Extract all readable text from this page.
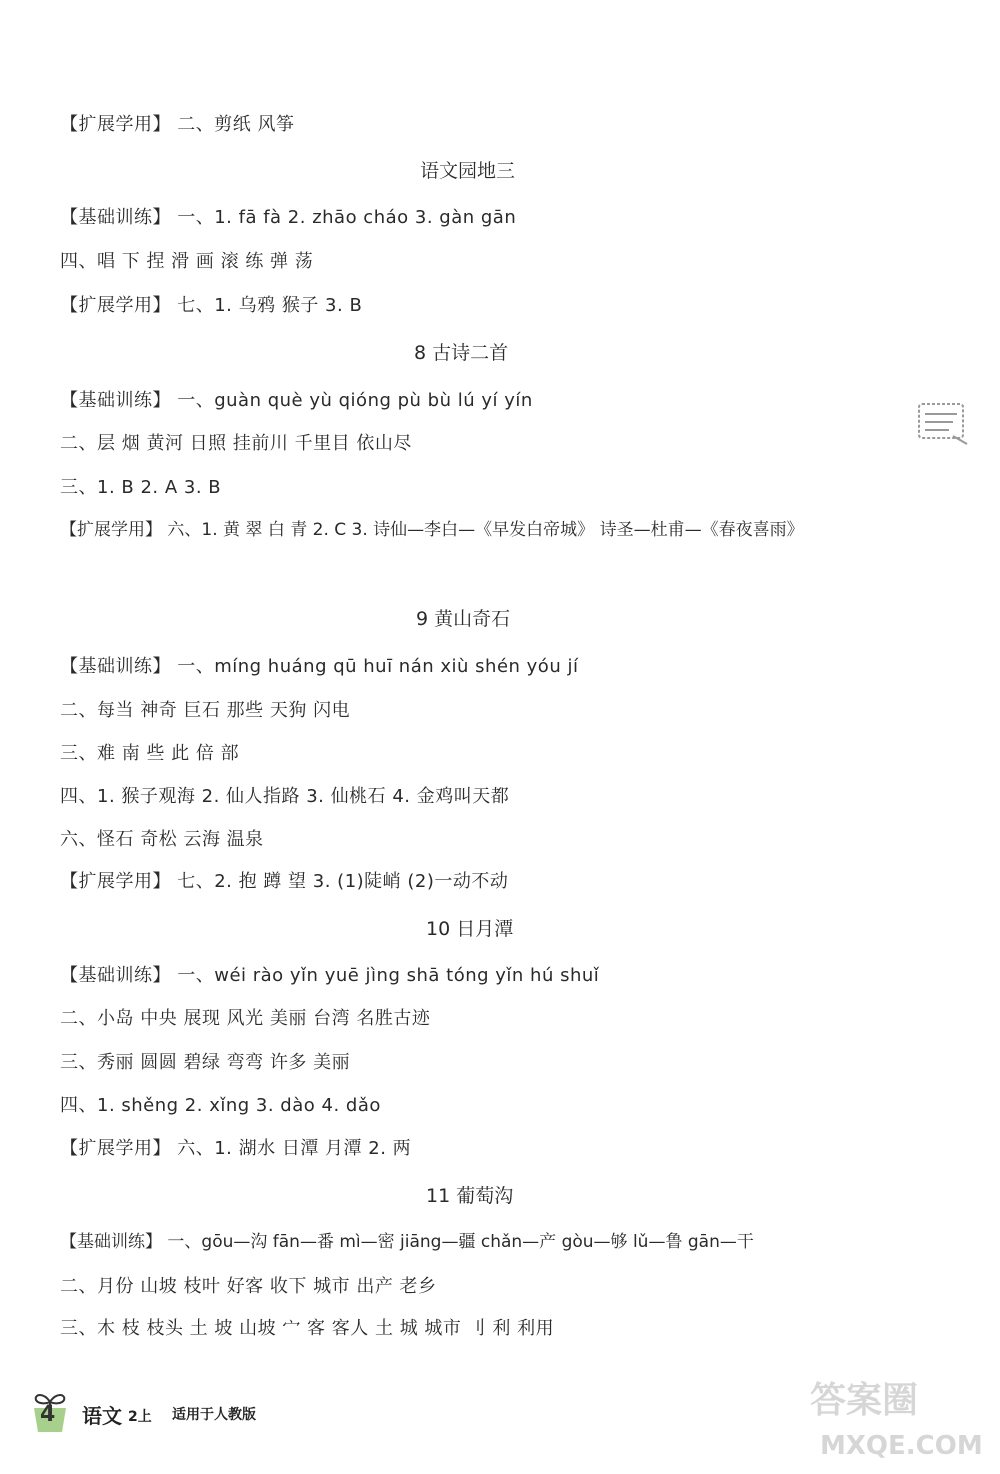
【扩展学用】 二、剪纸 风筝
语文园地三
【基础训练】 一、1. fā fà 2. zhāo cháo 3. gàn gān
四、唱 下 捏 滑 画 滚 练 弹 荡
【扩展学用】 七、1. 乌鸦 猴子 3. B
8 古诗二首
【基础训练】 一、guàn què yù qióng pù bù lú yí yín
二、层 烟 黄河 日照 挂前川 千里目 依山尽
三、1. B 2. A 3. B
【扩展学用】 六、1. 黄 翠 白 青 2. C 3. 诗仙—李白—《早发白帝城》 诗圣—杜甫—《春夜喜雨》
9 黄山奇石
【基础训练】 一、míng huáng qū huī nán xiù shén yóu jí
二、每当 神奇 巨石 那些 天狗 闪电
三、难 南 些 此 倍 部
四、1. 猴子观海 2. 仙人指路 3. 仙桃石 4. 金鸡叫天都
六、怪石 奇松 云海 温泉
【扩展学用】 七、2. 抱 蹲 望 3. (1)陡峭 (2)一动不动
10 日月潭
【基础训练】 一、wéi rào yǐn yuē jìng shā tóng yǐn hú shuǐ
二、小岛 中央 展现 风光 美丽 台湾 名胜古迹
三、秀丽 圆圆 碧绿 弯弯 许多 美丽
四、1. shěng 2. xǐng 3. dào 4. dǎo
【扩展学用】 六、1. 湖水 日潭 月潭 2. 两
11 葡萄沟
【基础训练】 一、gōu—沟 fān—番 mì—密 jiāng—疆 chǎn—产 gòu—够 lǔ—鲁 gān—干
二、月份 山坡 枝叶 好客 收下 城市 出产 老乡
三、木 枝 枝头 土 坡 山坡 宀 客 客人 土 城 城市 刂 利 利用
4 语文 2上 适用于人教版	答案圈
MXQE.COM
